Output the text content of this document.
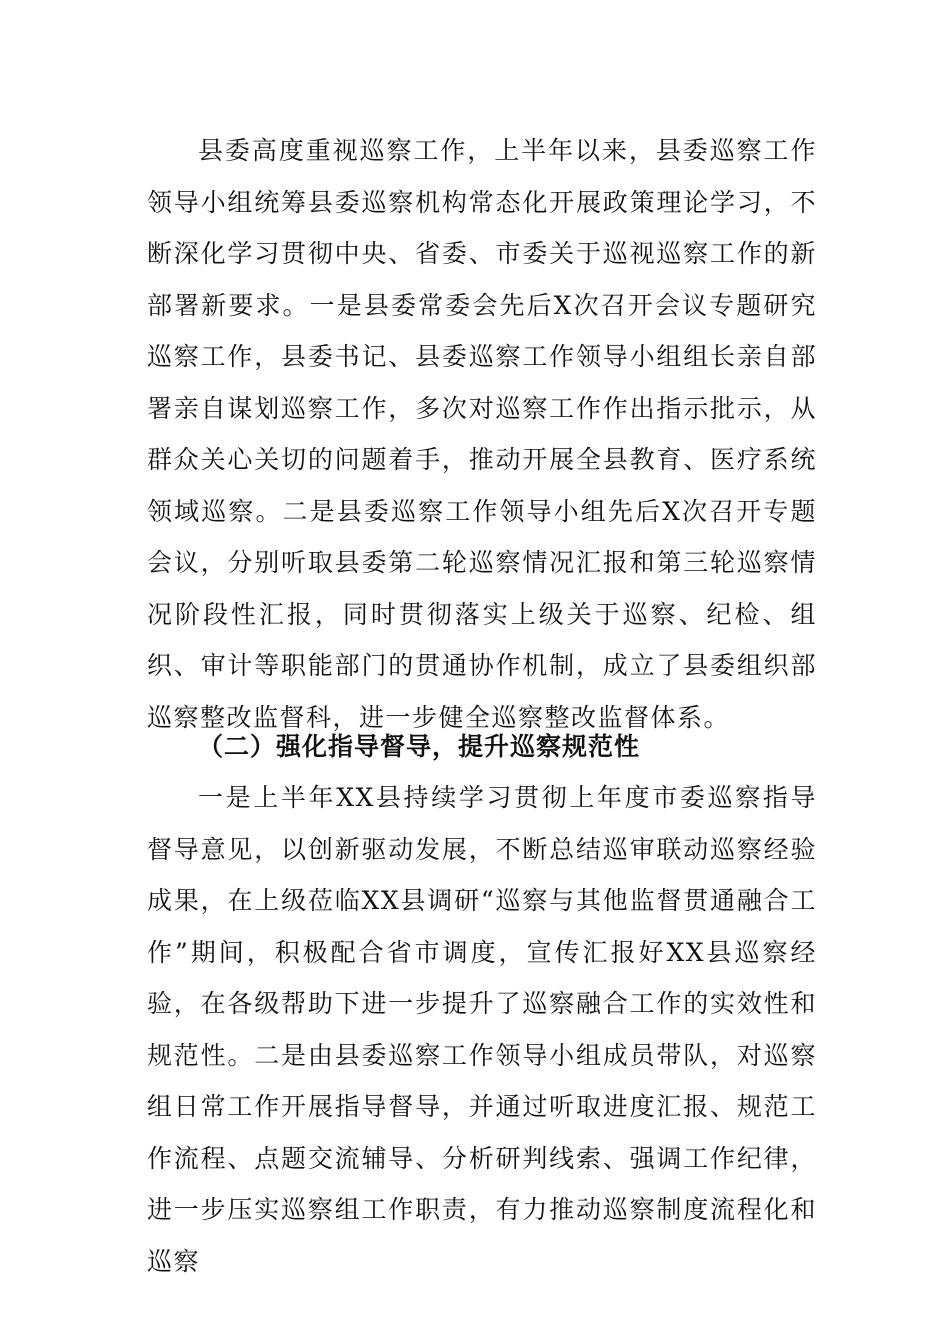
县委高度重视巡察工作，上半年以来，县委巡察工作领导小组统筹县委巡察机构常态化开展政策理论学习，不断深化学习贯彻中央、省委、市委关于巡视巡察工作的新部署新要求。一是县委常委会先后X次召开会议专题研究巡察工作，县委书记、县委巡察工作领导小组组长亲自部署亲自谋划巡察工作，多次对巡察工作作出指示批示，从群众关心关切的问题着手，推动开展全县教育、医疗系统领域巡察。二是县委巡察工作领导小组先后X次召开专题会议，分别听取县委第二轮巡察情况汇报和第三轮巡察情况阶段性汇报，同时贯彻落实上级关于巡察、纪检、组织、审计等职能部门的贯通协作机制，成立了县委组织部巡察整改监督科，进一步健全巡察整改监督体系。

（二）强化指导督导，提升巡察规范性

一是上半年XX县持续学习贯彻上年度市委巡察指导督导意见，以创新驱动发展，不断总结巡审联动巡察经验成果，在上级莅临XX县调研“巡察与其他监督贯通融合工作”期间，积极配合省市调度，宣传汇报好XX县巡察经验，在各级帮助下进一步提升了巡察融合工作的实效性和规范性。二是由县委巡察工作领导小组成员带队，对巡察组日常工作开展指导督导，并通过听取进度汇报、规范工作流程、点题交流辅导、分析研判线索、强调工作纪律，进一步压实巡察组工作职责，有力推动巡察制度流程化和巡察
